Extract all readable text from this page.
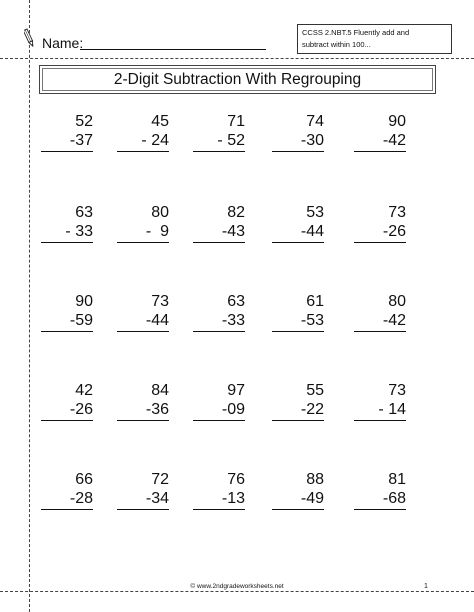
Name:
CCSS 2.NBT.5 Fluently add and
subtract within 100...
2-Digit Subtraction With Regrouping
52
-37
45
- 24
71
- 52
74
-30
90
-42
63
- 33
80
-  9
82
-43
53
-44
73
-26
90
-59
73
-44
63
-33
61
-53
80
-42
42
-26
84
-36
97
-09
55
-22
73
- 14
66
-28
72
-34
76
-13
88
-49
81
-68
© www.2ndgradeworksheets.net	1
